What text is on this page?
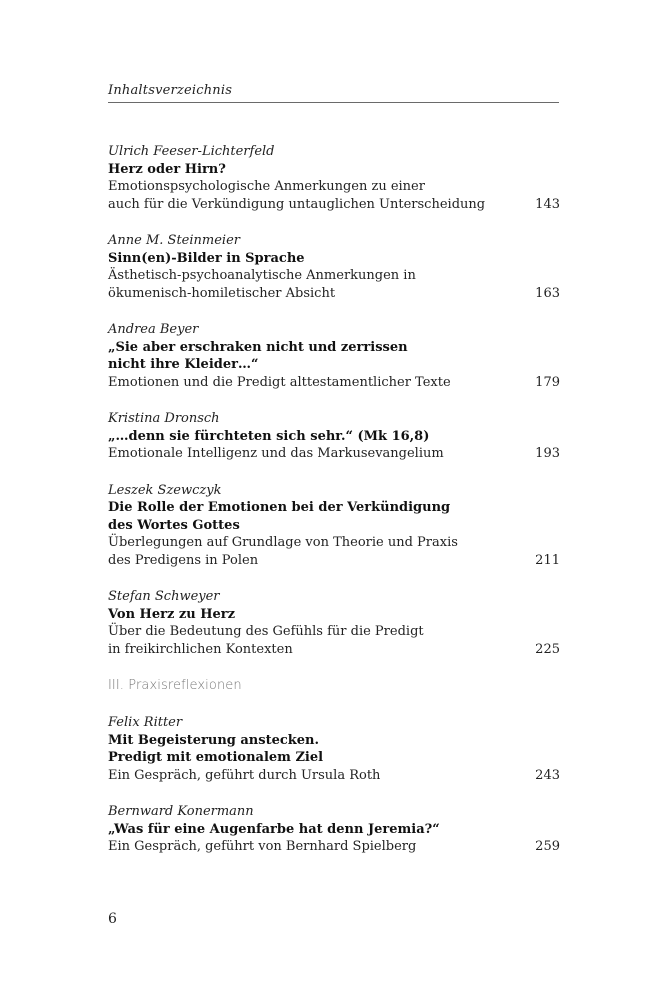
Inhaltsverzeichnis
Ulrich Feeser-Lichterfeld
Herz oder Hirn?
Emotionspsychologische Anmerkungen zu einer
auch für die Verkündigung untauglichen Unterscheidung	143
Anne M. Steinmeier
Sinn(en)-Bilder in Sprache
Ästhetisch-psychoanalytische Anmerkungen in
ökumenisch-homiletischer Absicht	163
Andrea Beyer
„Sie aber erschraken nicht und zerrissen
nicht ihre Kleider…“
Emotionen und die Predigt alttestamentlicher Texte	179
Kristina Dronsch
„…denn sie fürchteten sich sehr.“ (Mk 16,8)
Emotionale Intelligenz und das Markusevangelium	193
Leszek Szewczyk
Die Rolle der Emotionen bei der Verkündigung
des Wortes Gottes
Überlegungen auf Grundlage von Theorie und Praxis
des Predigens in Polen	211
Stefan Schweyer
Von Herz zu Herz
Über die Bedeutung des Gefühls für die Predigt
in freikirchlichen Kontexten	225
III. Praxisreflexionen
Felix Ritter
Mit Begeisterung anstecken.
Predigt mit emotionalem Ziel
Ein Gespräch, geführt durch Ursula Roth	243
Bernward Konermann
„Was für eine Augenfarbe hat denn Jeremia?“
Ein Gespräch, geführt von Bernhard Spielberg	259
6
